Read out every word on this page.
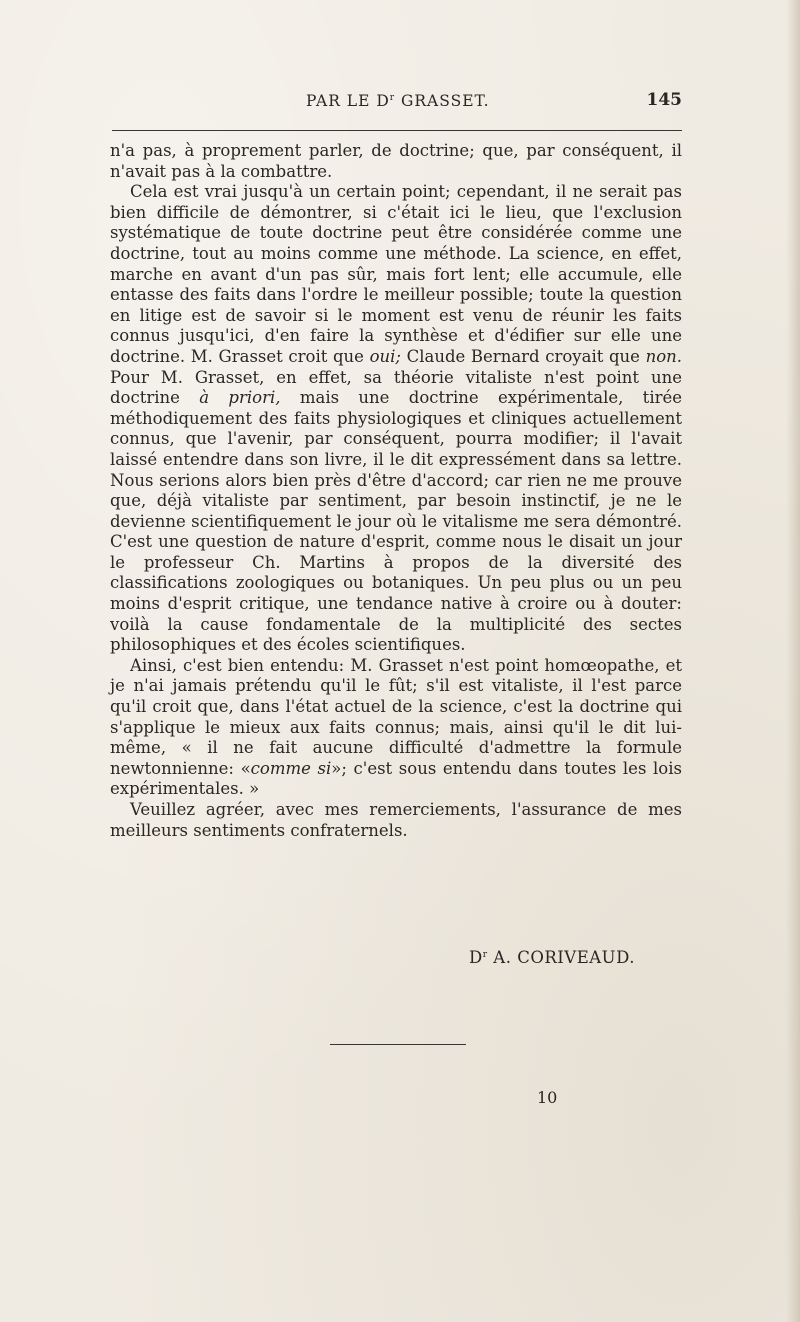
PAR LE $D^r$ GRASSET.	145

n'a pas, à proprement parler, de doctrine; que, par conséquent, il n'avait pas à la combattre.

Cela est vrai jusqu'à un certain point; cependant, il ne serait pas bien difficile de démontrer, si c'était ici le lieu, que l'exclusion systématique de toute doctrine peut être considérée comme une doctrine, tout au moins comme une méthode. La science, en effet, marche en avant d'un pas sûr, mais fort lent; elle accumule, elle entasse des faits dans l'ordre le meilleur possible; toute la question en litige est de savoir si le moment est venu de réunir les faits connus jusqu'ici, d'en faire la synthèse et d'édifier sur elle une doctrine. M. Grasset croit que oui; Claude Bernard croyait que non. Pour M. Grasset, en effet, sa théorie vitaliste n'est point une doctrine à priori, mais une doctrine expérimentale, tirée méthodiquement des faits physiologiques et cliniques actuellement connus, que l'avenir, par conséquent, pourra modifier; il l'avait laissé entendre dans son livre, il le dit expressément dans sa lettre. Nous serions alors bien près d'être d'accord; car rien ne me prouve que, déjà vitaliste par sentiment, par besoin instinctif, je ne le devienne scientifiquement le jour où le vitalisme me sera démontré. C'est une question de nature d'esprit, comme nous le disait un jour le professeur Ch. Martins à propos de la diversité des classifications zoologiques ou botaniques. Un peu plus ou un peu moins d'esprit critique, une tendance native à croire ou à douter: voilà la cause fondamentale de la multiplicité des sectes philosophiques et des écoles scientifiques.

Ainsi, c'est bien entendu: M. Grasset n'est point homœopathe, et je n'ai jamais prétendu qu'il le fût; s'il est vitaliste, il l'est parce qu'il croit que, dans l'état actuel de la science, c'est la doctrine qui s'applique le mieux aux faits connus; mais, ainsi qu'il le dit lui-même, « il ne fait aucune difficulté d'admettre la formule newtonnienne: «comme si»; c'est sous entendu dans toutes les lois expérimentales. »

Veuillez agréer, avec mes remerciements, l'assurance de mes meilleurs sentiments confraternels.

$D^r$ A. CORIVEAUD.
10
